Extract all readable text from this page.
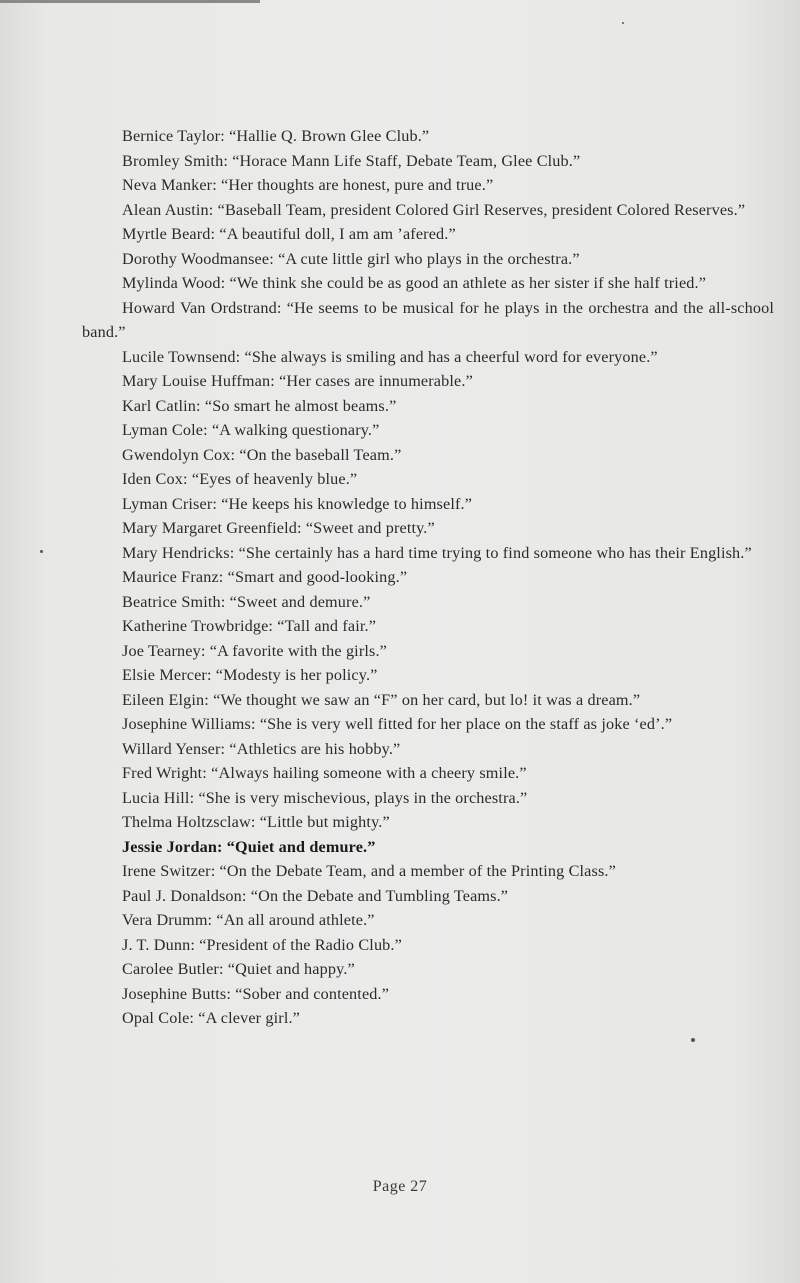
Bernice Taylor: “Hallie Q. Brown Glee Club.”

Bromley Smith: “Horace Mann Life Staff, Debate Team, Glee Club.”

Neva Manker: “Her thoughts are honest, pure and true.”

Alean Austin: “Baseball Team, president Colored Girl Reserves, president Colored Reserves.”

Myrtle Beard: “A beautiful doll, I am am ’afered.”

Dorothy Woodmansee: “A cute little girl who plays in the orchestra.”

Mylinda Wood: “We think she could be as good an athlete as her sister if she half tried.”

Howard Van Ordstrand: “He seems to be musical for he plays in the orchestra and the all-school band.”

Lucile Townsend: “She always is smiling and has a cheerful word for everyone.”

Mary Louise Huffman: “Her cases are innumerable.”

Karl Catlin: “So smart he almost beams.”

Lyman Cole: “A walking questionary.”

Gwendolyn Cox: “On the baseball Team.”

Iden Cox: “Eyes of heavenly blue.”

Lyman Criser: “He keeps his knowledge to himself.”

Mary Margaret Greenfield: “Sweet and pretty.”

Mary Hendricks: “She certainly has a hard time trying to find someone who has their English.”

Maurice Franz: “Smart and good-looking.”

Beatrice Smith: “Sweet and demure.”

Katherine Trowbridge: “Tall and fair.”

Joe Tearney: “A favorite with the girls.”

Elsie Mercer: “Modesty is her policy.”

Eileen Elgin: “We thought we saw an “F” on her card, but lo! it was a dream.”

Josephine Williams: “She is very well fitted for her place on the staff as joke ‘ed’.”

Willard Yenser: “Athletics are his hobby.”

Fred Wright: “Always hailing someone with a cheery smile.”

Lucia Hill: “She is very mischevious, plays in the orchestra.”

Thelma Holtzsclaw: “Little but mighty.”

Jessie Jordan: “Quiet and demure.”

Irene Switzer: “On the Debate Team, and a member of the Printing Class.”

Paul J. Donaldson: “On the Debate and Tumbling Teams.”

Vera Drumm: “An all around athlete.”

J. T. Dunn: “President of the Radio Club.”

Carolee Butler: “Quiet and happy.”

Josephine Butts: “Sober and contented.”

Opal Cole: “A clever girl.”

Page 27
